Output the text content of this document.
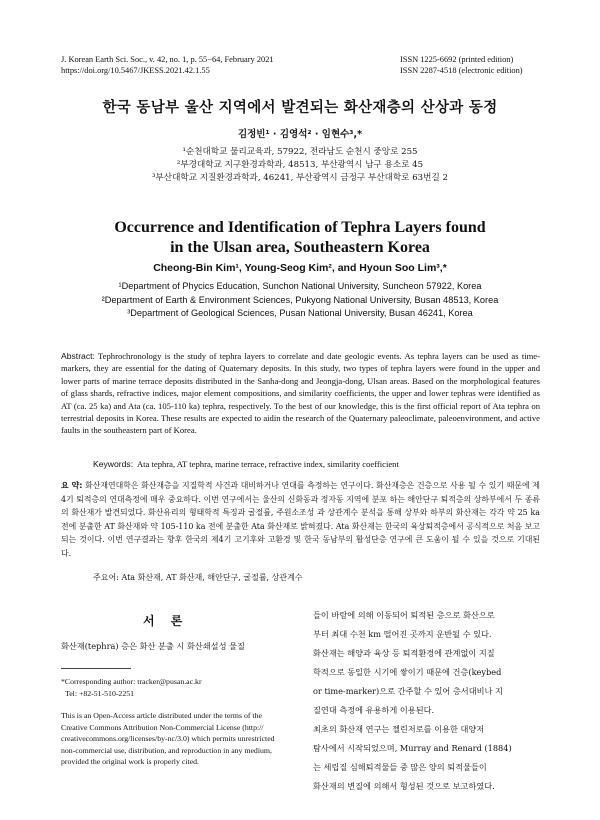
J. Korean Earth Sci. Soc., v. 42, no. 1, p. 55−64, February 2021
https://doi.org/10.5467/JKESS.2021.42.1.55
ISSN 1225-6692 (printed edition)
ISSN 2287-4518 (electronic edition)
한국 동남부 울산 지역에서 발견되는 화산재층의 산상과 동정
김정빈¹ · 김영석² · 임현수³,*
¹순천대학교 물리교육과, 57922, 전라남도 순천시 중앙로 255
²부경대학교 지구환경과학과, 48513, 부산광역시 남구 용소로 45
³부산대학교 지질환경과학과, 46241, 부산광역시 금정구 부산대학로 63번길 2
Occurrence and Identification of Tephra Layers found
in the Ulsan area, Southeastern Korea
Cheong-Bin Kim¹, Young-Seog Kim², and Hyoun Soo Lim³,*
¹Department of Phycics Education, Sunchon National University, Suncheon 57922, Korea
²Department of Earth & Environment Sciences, Pukyong National University, Busan 48513, Korea
³Department of Geological Sciences, Pusan National University, Busan 46241, Korea
Abstract: Tephrochronology is the study of tephra layers to correlate and date geologic events. As tephra layers can be used as time-markers, they are essential for the dating of Quaternary deposits. In this study, two types of tephra layers were found in the upper and lower parts of marine terrace deposits distributed in the Sanha-dong and Jeongja-dong, Ulsan areas. Based on the morphological features of glass shards, refractive indices, major element compositions, and similarity coefficients, the upper and lower tephras were identified as AT (ca. 25 ka) and Ata (ca. 105-110 ka) tephra, respectively. To the best of our knowledge, this is the first official report of Ata tephra on terrestrial deposits in Korea. These results are expected to aidin the research of the Quaternary paleoclimate, paleoenvironment, and active faults in the southeastern part of Korea.
Keywords: Ata tephra, AT tephra, marine terrace, refractive index, similarity coefficient
요 약: 화산재연대학은 화산재층을 지질학적 사건과 대비하거나 연대를 측정하는 연구이다. 화산재층은 건층으로 사용 될 수 있기 때문에 제4기 퇴적층의 연대측정에 매우 중요하다. 이번 연구에서는 울산의 신화동과 정자동 지역에 분포 하는 해안단구 퇴적층의 상하부에서 두 종류의 화산재가 발견되었다. 화산유리의 형태학적 특징과 굴절률, 주원소조성 과 상관계수 분석을 통해 상부와 하부의 화산재는 각각 약 25 ka 전에 분출한 AT 화산재와 약 105-110 ka 전에 분출한 Ata 화산재로 밝혀졌다. Ata 화산재는 한국의 육상퇴적층에서 공식적으로 처음 보고되는 것이다. 이번 연구결과는 향후 한국의 제4기 고기후와 고환경 및 한국 동남부의 활성단층 연구에 큰 도움이 될 수 있을 것으로 기대된다.
주요어: Ata 화산재, AT 화산재, 해안단구, 굴절률, 상관계수
서 론
화산재(tephra) 층은 화산 분출 시 화산쇄설성 물질
*Corresponding author: tracker@pusan.ac.kr
Tel: +82-51-510-2251
This is an Open-Access article distributed under the terms of the
Creative Commons Attribution Non-Commercial License (http://
creativecommons.org/licenses/by-nc/3.0) which permits unrestricted
non-commercial use, distribution, and reproduction in any medium,
provided the original work is properly cited.
들이 바람에 의해 이동되어 퇴적된 층으로 화산으로
부터 최대 수천 km 떨어진 곳까지 운반될 수 있다.
화산재는 해양과 육상 등 퇴적환경에 관계없이 지질
학적으로 동일한 시기에 쌓이기 때문에 건층(keybed
or time-marker)으로 간주할 수 있어 층서대비나 지
질연대 측정에 유용하게 이용된다.
최초의 화산재 연구는 젤린저로를 이용한 대양저
탐사에서 시작되었으며, Murray and Renard (1884)
는 세립질 심해퇴적물들 중 많은 양의 퇴적물들이
화산재의 변질에 의해서 형성된 것으로 보고하였다.
